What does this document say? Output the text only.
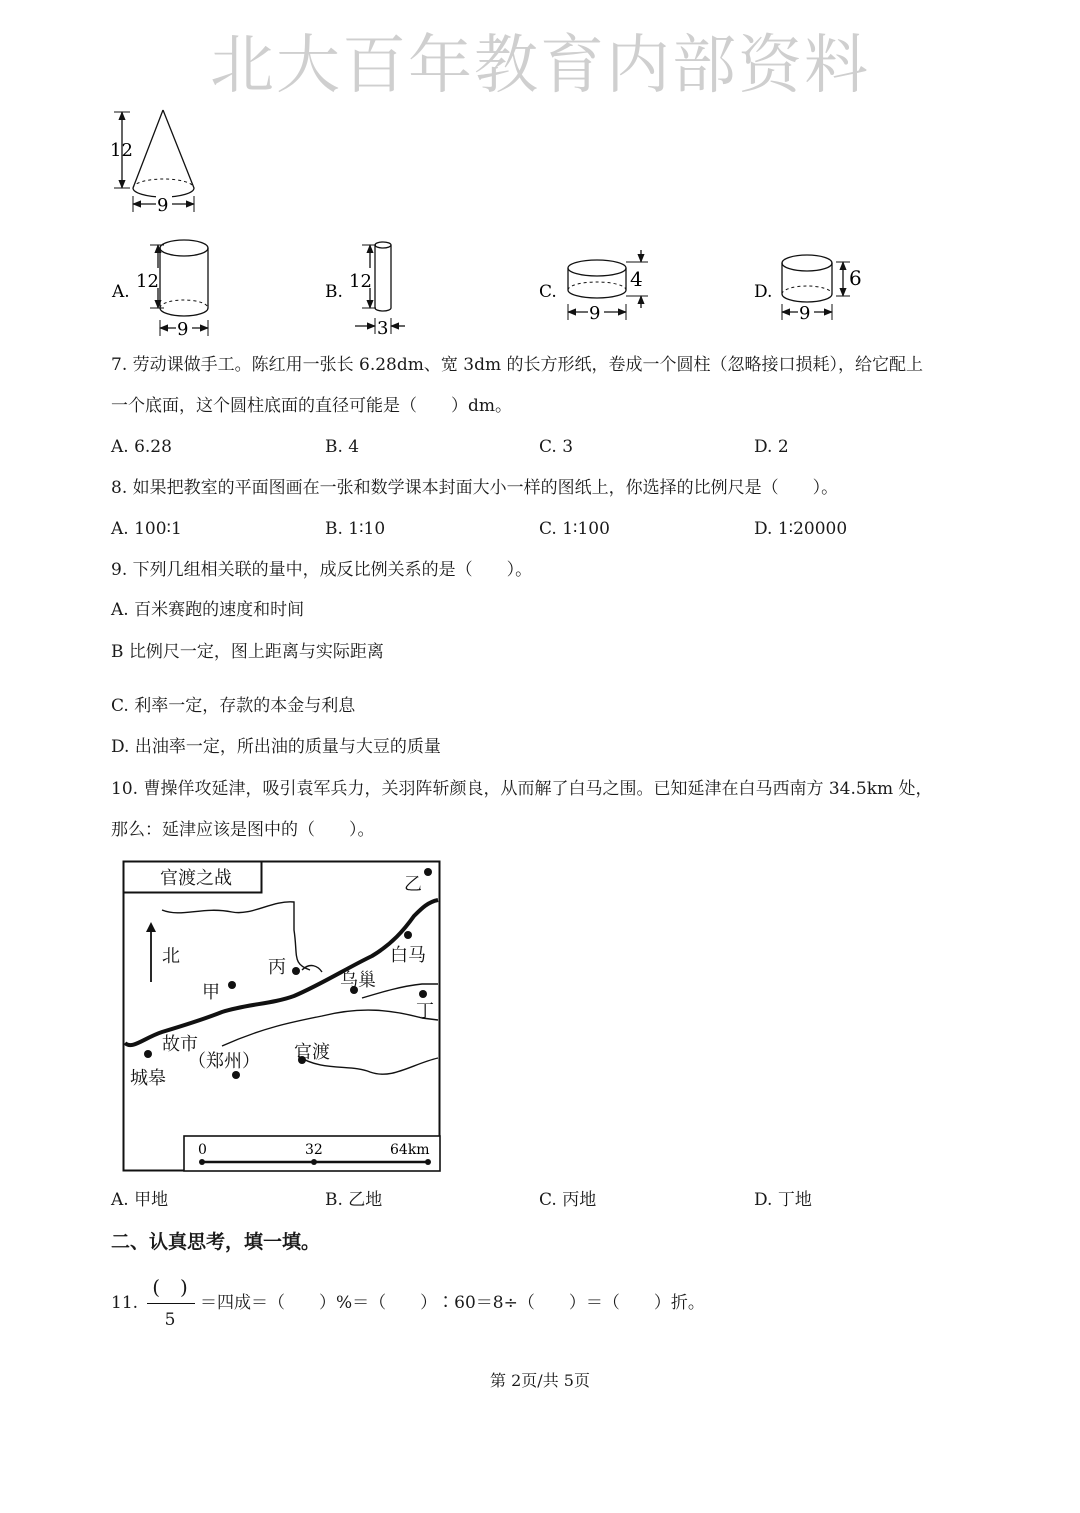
北大百年教育内部资料
12
9
A. 12
9
B. 12
3
C.
4
9
D.
6
9
7. 劳动课做手工。陈红用一张长 6.28dm、宽 3dm 的长方形纸，卷成一个圆柱（忽略接口损耗），给它配上
一个底面，这个圆柱底面的直径可能是（　　）dm。
A. 6.28	B. 4	C. 3	D. 2
8. 如果把教室的平面图画在一张和数学课本封面大小一样的图纸上，你选择的比例尺是（　　）。
A. 100∶1	B. 1∶10	C. 1∶100	D. 1∶20000
9. 下列几组相关联的量中，成反比例关系的是（　　）。
A. 百米赛跑的速度和时间
B 比例尺一定，图上距离与实际距离
C. 利率一定，存款的本金与利息
D. 出油率一定，所出油的质量与大豆的质量
10. 曹操佯攻延津，吸引袁军兵力，关羽阵斩颜良，从而解了白马之围。已知延津在白马西南方 34.5km 处，
那么：延津应该是图中的（　　）。
官渡之战
北
乙
白马
丙
乌巢
甲
丁
故市
（郑州） 官渡
城皋
0	32	64km
A. 甲地	B. 乙地	C. 丙地	D. 丁地
二、认真思考，填一填。
11.
(　)
5
＝四成＝（　　）%＝（　　）∶60＝8÷（　　）＝（　　）折。
第 2页/共 5页
